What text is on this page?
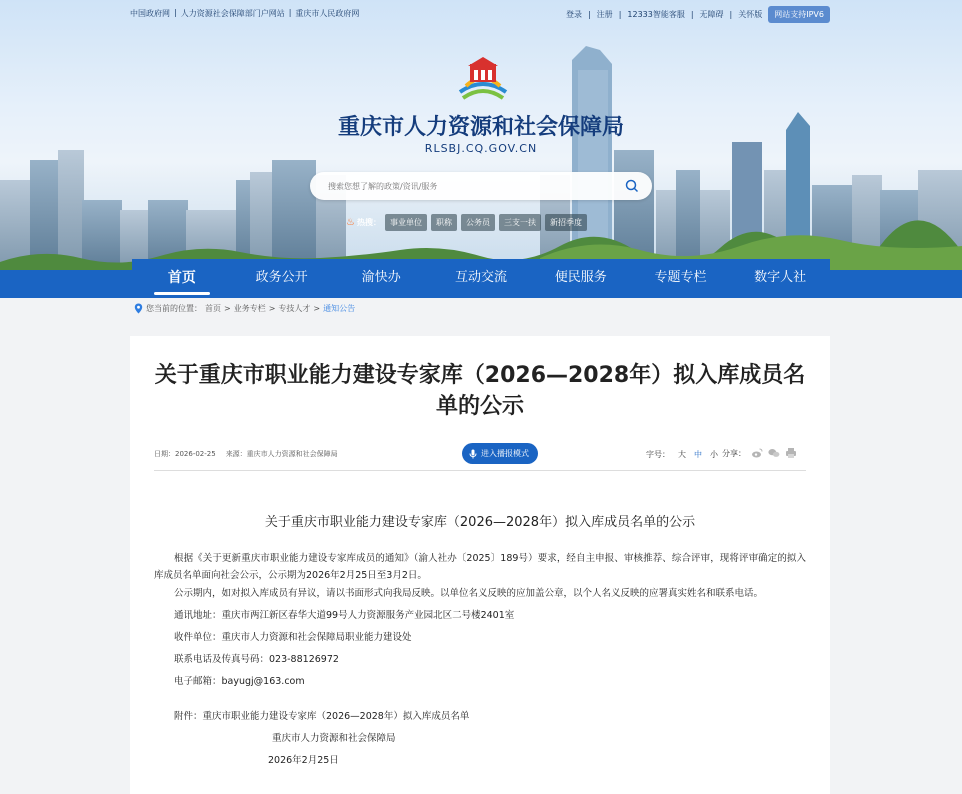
中国政府网 | 人力资源社会保障部门户网站 | 重庆市人民政府网	登录 | 注册 | 12333智能客服 | 无障碍 | 关怀版	网站支持IPV6
重庆市人力资源和社会保障局
RLSBJ.CQ.GOV.CN
搜索您想了解的政策/资讯/服务
♨ 热搜：	事业单位	职称	公务员	三支一扶	新招季度
首页	政务公开	渝快办	互动交流	便民服务	专题专栏	数字人社
您当前的位置： 首页 > 业务专栏 > 专技人才 > 通知公告
关于重庆市职业能力建设专家库（2026—2028年）拟入库成员名单的公示
日期：2026-02-25 来源：重庆市人力资源和社会保障局	进入播报模式	字号： 大 中 小 分享：
关于重庆市职业能力建设专家库（2026—2028年）拟入库成员名单的公示

根据《关于更新重庆市职业能力建设专家库成员的通知》（渝人社办〔2025〕189号）要求，经自主申报、审核推荐、综合评审，现将评审确定的拟入库成员名单面向社会公示，公示期为2026年2月25日至3月2日。

公示期内，如对拟入库成员有异议，请以书面形式向我局反映。以单位名义反映的应加盖公章，以个人名义反映的应署真实姓名和联系电话。

通讯地址：重庆市两江新区春华大道99号人力资源服务产业园北区二号楼2401室

收件单位：重庆市人力资源和社会保障局职业能力建设处

联系电话及传真号码：023-88126972

电子邮箱：bayugj@163.com

附件：重庆市职业能力建设专家库（2026—2028年）拟入库成员名单

重庆市人力资源和社会保障局

2026年2月25日
